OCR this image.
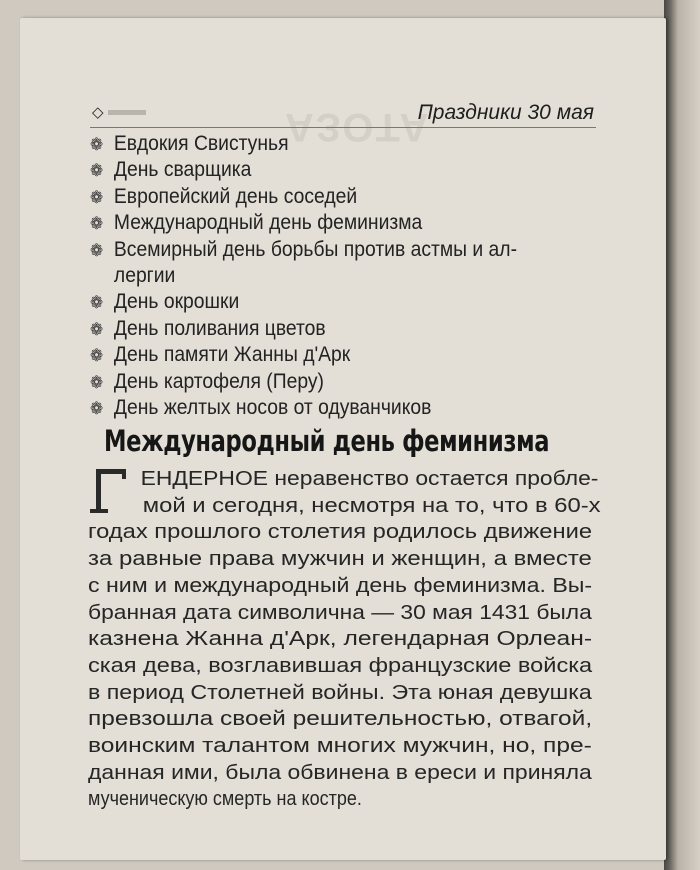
АЗОТА
◇	Праздники 30 мая
❁ Евдокия Свистунья
❁ День сварщика
❁ Европейский день соседей
❁ Международный день феминизма
❁ Всемирный день борьбы против астмы и ал-
лергии
❁ День окрошки
❁ День поливания цветов
❁ День памяти Жанны д'Арк
❁ День картофеля (Перу)
❁ День желтых носов от одуванчиков
Международный день феминизма
ЕНДЕРНОЕ неравенство остается пробле-
мой и сегодня, несмотря на то, что в 60-х
годах прошлого столетия родилось движение
за равные права мужчин и женщин, а вместе
с ним и международный день феминизма. Вы-
бранная дата символична — 30 мая 1431 была
казнена Жанна д'Арк, легендарная Орлеан-
ская дева, возглавившая французские войска
в период Столетней войны. Эта юная девушка
превзошла своей решительностью, отвагой,
воинским талантом многих мужчин, но, пре-
данная ими, была обвинена в ереси и приняла
мученическую смерть на костре.
